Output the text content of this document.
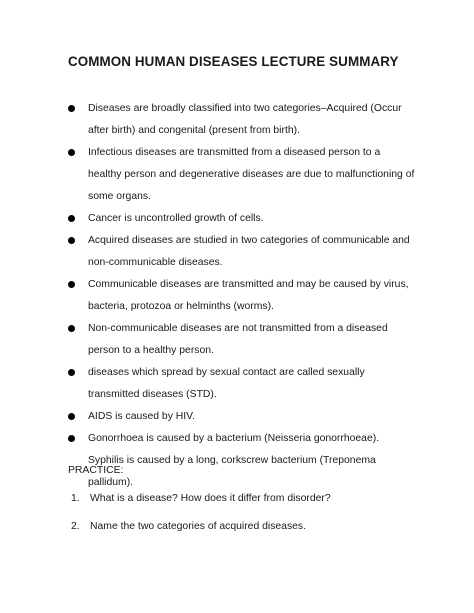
COMMON HUMAN DISEASES LECTURE SUMMARY
Diseases are broadly classified into two categories–Acquired (Occur after birth) and congenital (present from birth).
Infectious diseases are transmitted from a diseased person to a healthy person and degenerative diseases are due to malfunctioning of some organs.
Cancer is uncontrolled growth of cells.
Acquired diseases are studied in two categories of communicable and non-communicable diseases.
Communicable diseases are transmitted and may be caused by virus, bacteria, protozoa or helminths (worms).
Non-communicable diseases are not transmitted from a diseased person to a healthy person.
diseases which spread by sexual contact are called sexually transmitted diseases (STD).
AIDS is caused by HIV.
Gonorrhoea is caused by a bacterium (Neisseria gonorrhoeae). Syphilis is caused by a long, corkscrew bacterium (Treponema pallidum).
PRACTICE:
1. What is a disease? How does it differ from disorder?
2. Name the two categories of acquired diseases.
